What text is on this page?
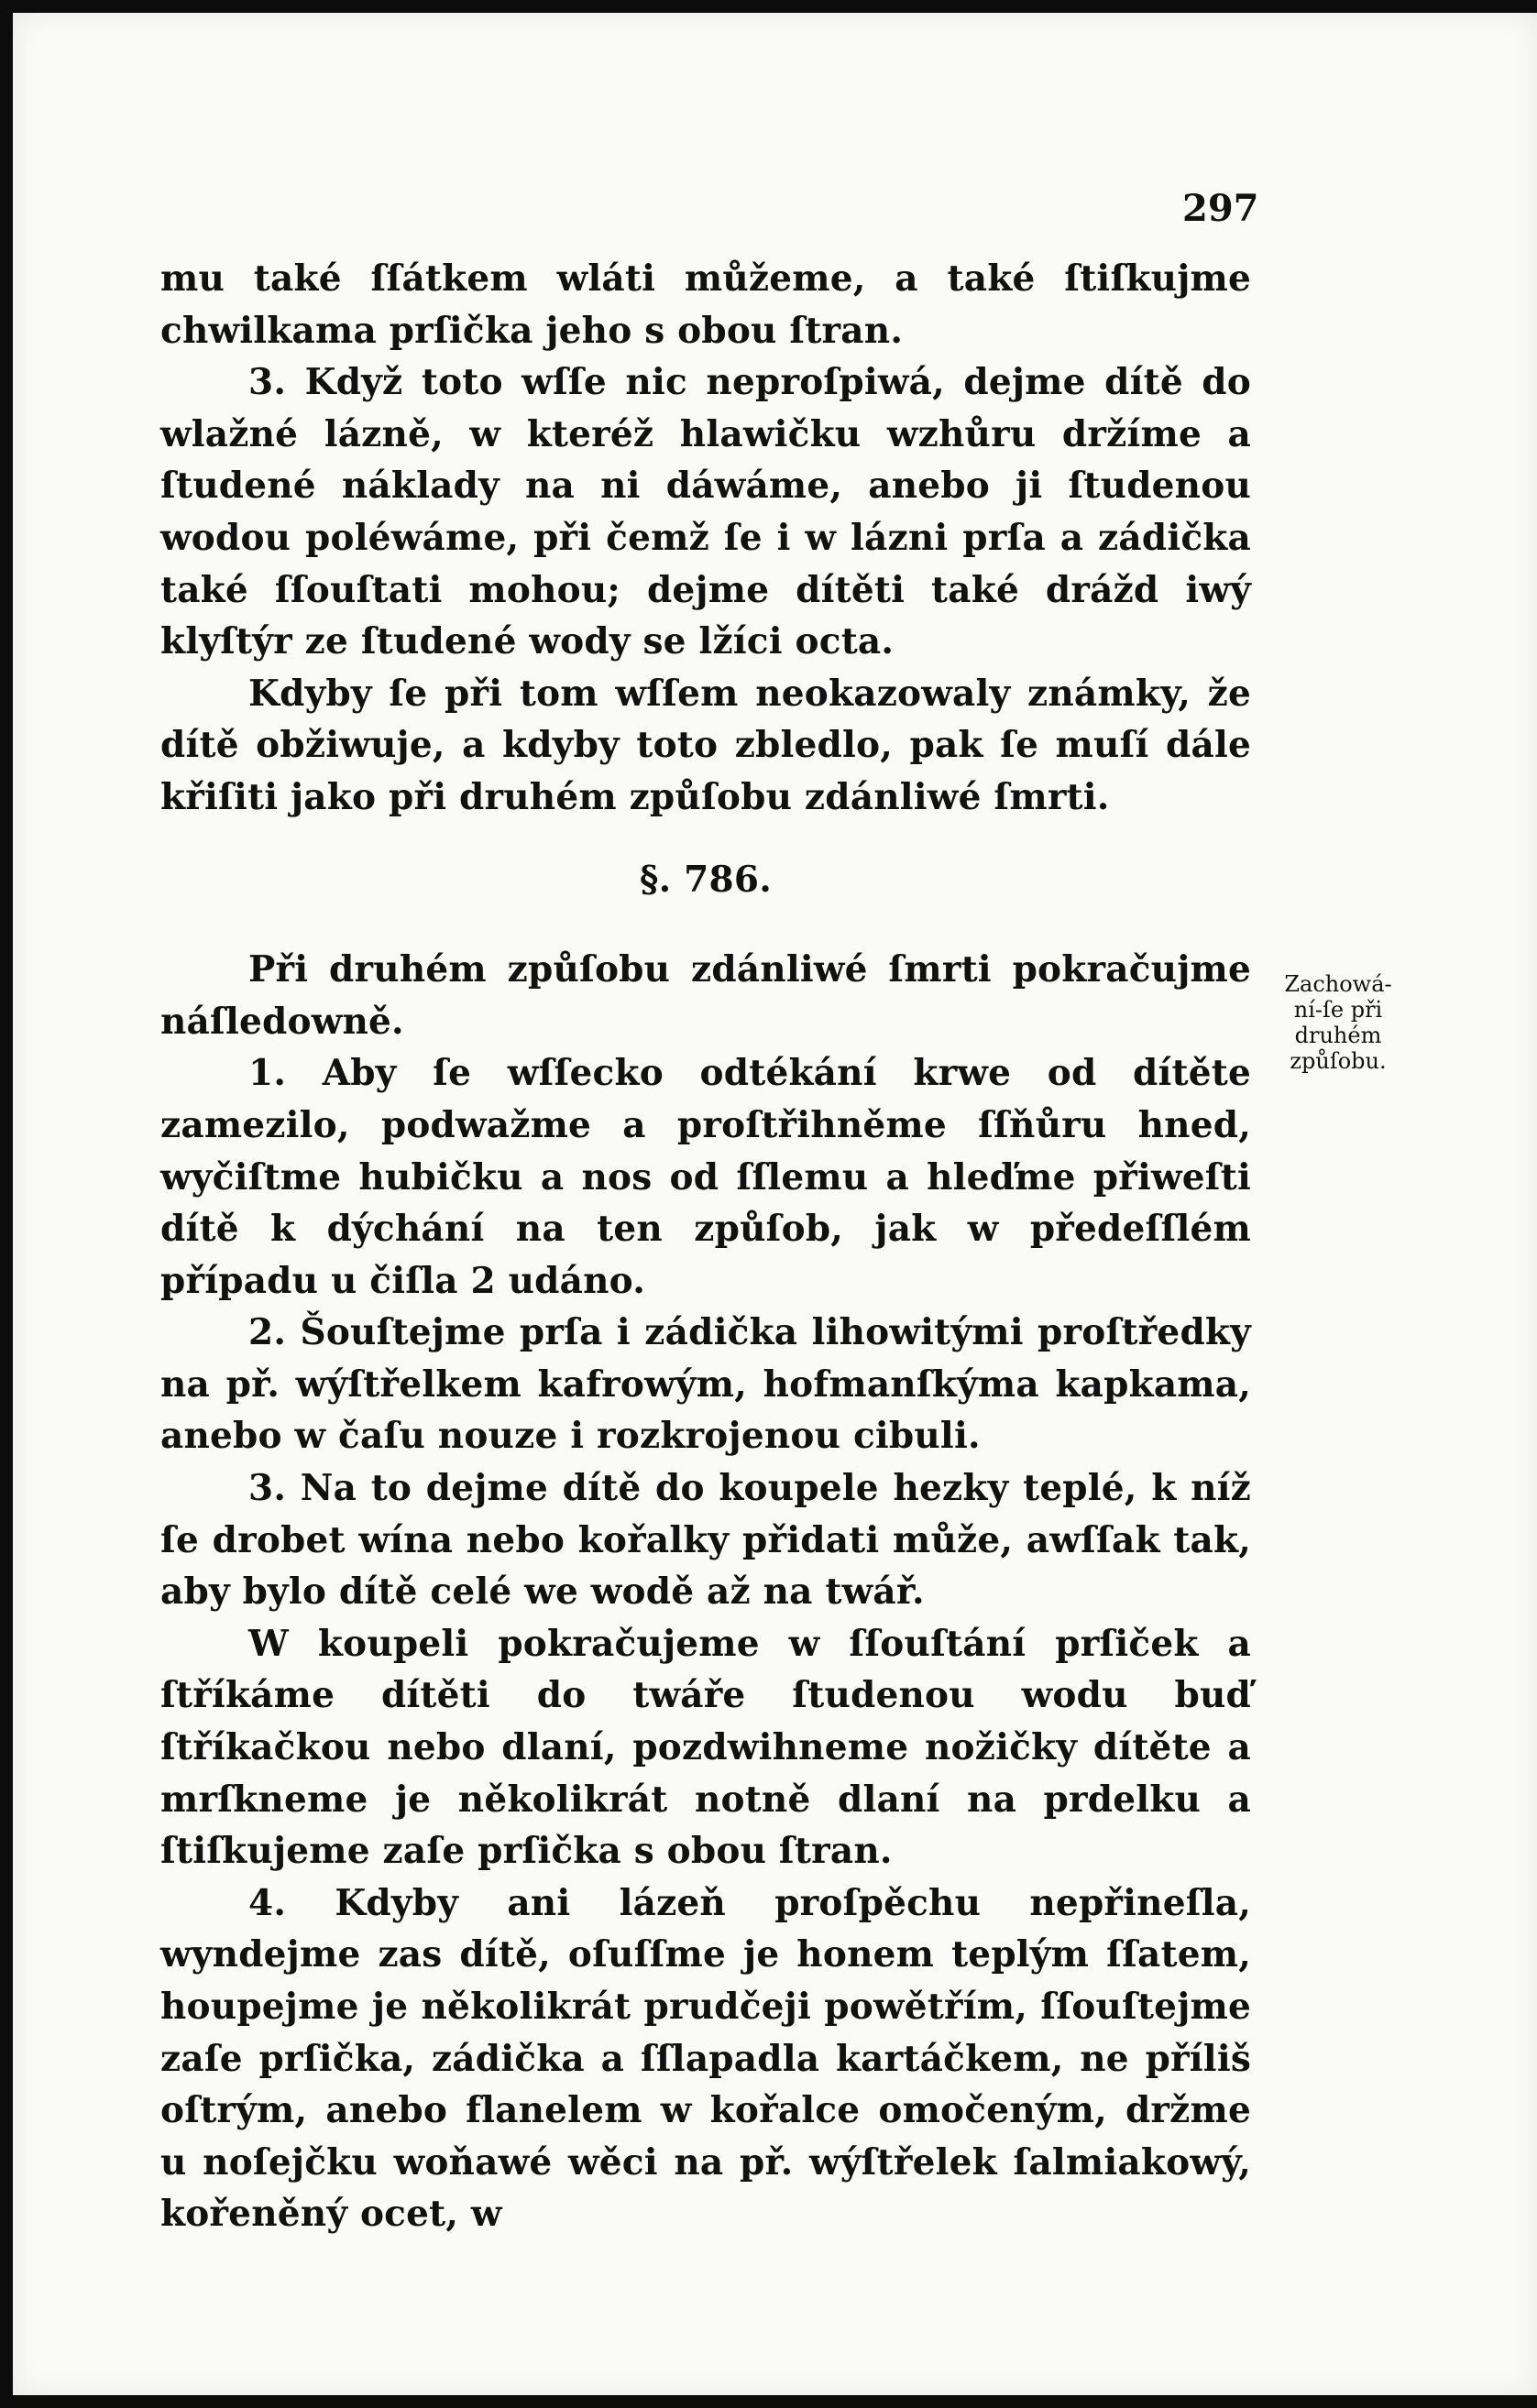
297

mu také ſſátkem wláti můžeme, a také ſtiſkujme chwilkama prſička jeho s obou ſtran.

3. Když toto wſſe nic neproſpiwá, dejme dítě do wlažné lázně, w kteréž hlawičku wzhůru držíme a ſtudené náklady na ni dáwáme, anebo ji ſtudenou wodou poléwáme, při čemž ſe i w lázni prſa a zádička také ſſouſtati mohou; dejme dítěti také drážd iwý klyſtýr ze ſtudené wody se lžíci octa.

Kdyby ſe při tom wſſem neokazowaly známky, že dítě obžiwuje, a kdyby toto zbledlo, pak ſe muſí dále křiſiti jako při druhém způſobu zdánliwé ſmrti.

§. 786.

Při druhém způſobu zdánliwé ſmrti pokračujme náſledowně.

1. Aby ſe wſſecko odtékání krwe od dítěte zamezilo, podwažme a proſtřihněme ſſňůru hned, wyčiſtme hubičku a nos od ſſlemu a hleďme přiweſti dítě k dýchání na ten způſob, jak w předeſſlém případu u čiſla 2 udáno.

2. Šouſtejme prſa i zádička lihowitými proſtředky na př. wýſtřelkem kafrowým, hofmanſkýma kapkama, anebo w čaſu nouze i rozkrojenou cibuli.

3. Na to dejme dítě do koupele hezky teplé, k níž ſe drobet wína nebo kořalky přidati může, awſſak tak, aby bylo dítě celé we wodě až na twář.

W koupeli pokračujeme w ſſouſtání prſiček a ſtříkáme dítěti do twáře ſtudenou wodu buď ſtříkačkou nebo dlaní, pozdwihneme nožičky dítěte a mrſkneme je několikrát notně dlaní na prdelku a ſtiſkujeme zaſe prſička s obou ſtran.

4. Kdyby ani lázeň proſpěchu nepřineſla, wyndejme zas dítě, oſuſſme je honem teplým ſſatem, houpejme je několikrát prudčeji powětřím, ſſouſtejme zaſe prſička, zádička a ſſlapadla kartáčkem, ne příliš oſtrým, anebo flanelem w kořalce omočeným, držme u noſejčku woňawé wěci na př. wýſtřelek ſalmiakowý, kořeněný ocet, w

Zachowá-
ní-ſe při
druhém
způſobu.
